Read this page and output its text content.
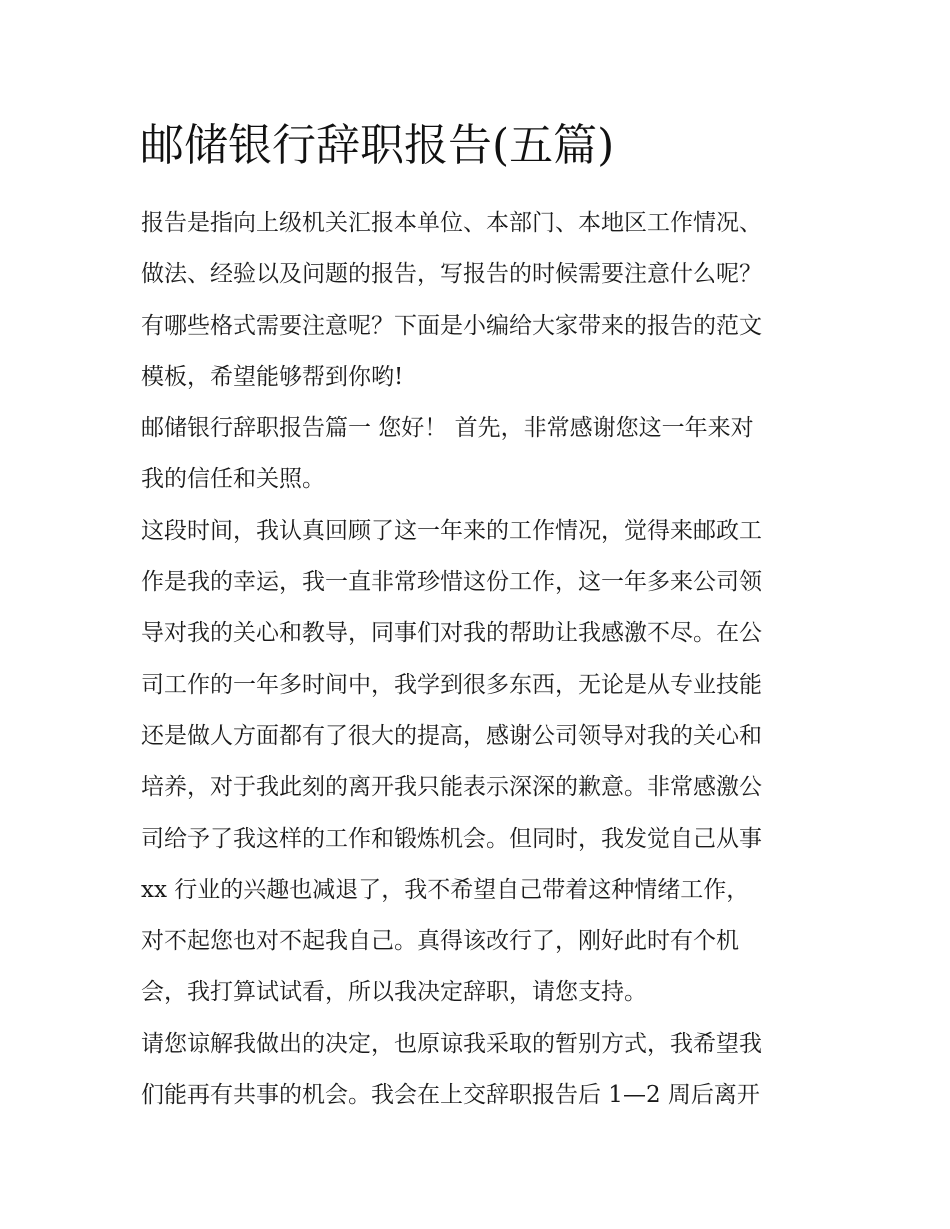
邮储银行辞职报告(五篇)
报告是指向上级机关汇报本单位、本部门、本地区工作情况、
做法、经验以及问题的报告，写报告的时候需要注意什么呢？
有哪些格式需要注意呢？下面是小编给大家带来的报告的范文
模板，希望能够帮到你哟!
邮储银行辞职报告篇一 您好！ 首先，非常感谢您这一年来对
我的信任和关照。
这段时间，我认真回顾了这一年来的工作情况，觉得来邮政工
作是我的幸运，我一直非常珍惜这份工作，这一年多来公司领
导对我的关心和教导，同事们对我的帮助让我感激不尽。在公
司工作的一年多时间中，我学到很多东西，无论是从专业技能
还是做人方面都有了很大的提高，感谢公司领导对我的关心和
培养，对于我此刻的离开我只能表示深深的歉意。非常感激公
司给予了我这样的工作和锻炼机会。但同时，我发觉自己从事
xx 行业的兴趣也减退了，我不希望自己带着这种情绪工作，
对不起您也对不起我自己。真得该改行了，刚好此时有个机
会，我打算试试看，所以我决定辞职，请您支持。
请您谅解我做出的决定，也原谅我采取的暂别方式，我希望我
们能再有共事的机会。我会在上交辞职报告后 1—2 周后离开
